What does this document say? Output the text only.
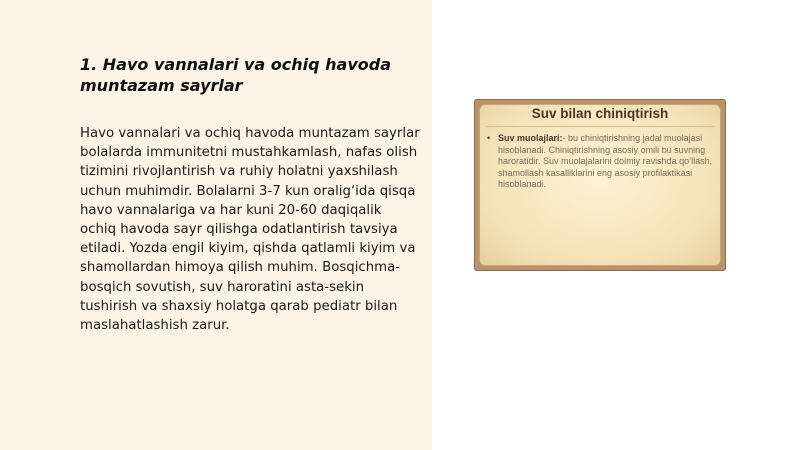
1. Havo vannalari va ochiq havoda muntazam sayrlar

Havo vannalari va ochiq havoda muntazam sayrlar bolalarda immunitetni mustahkamlash, nafas olish tizimini rivojlantirish va ruhiy holatni yaxshilash uchun muhimdir. Bolalarni 3-7 kun oralig‘ida qisqa havo vannalariga va har kuni 20-60 daqiqalik ochiq havoda sayr qilishga odatlantirish tavsiya etiladi. Yozda engil kiyim, qishda qatlamli kiyim va shamollardan himoya qilish muhim. Bosqichma-bosqich sovutish, suv haroratini asta-sekin tushirish va shaxsiy holatga qarab pediatr bilan maslahatlashish zarur.

Suv bilan chiniqtirish
• Suv muolajlari:- bu chiniqtirishning jadal muolajasi hisoblanadi. Chiniqtirishning asosiy omili bu suvning haroratidir. Suv muolajalarini doimiy ravishda qo‘llash, shamollash kasalliklarini eng asosiy profilaktikasi hisoblanadi.
